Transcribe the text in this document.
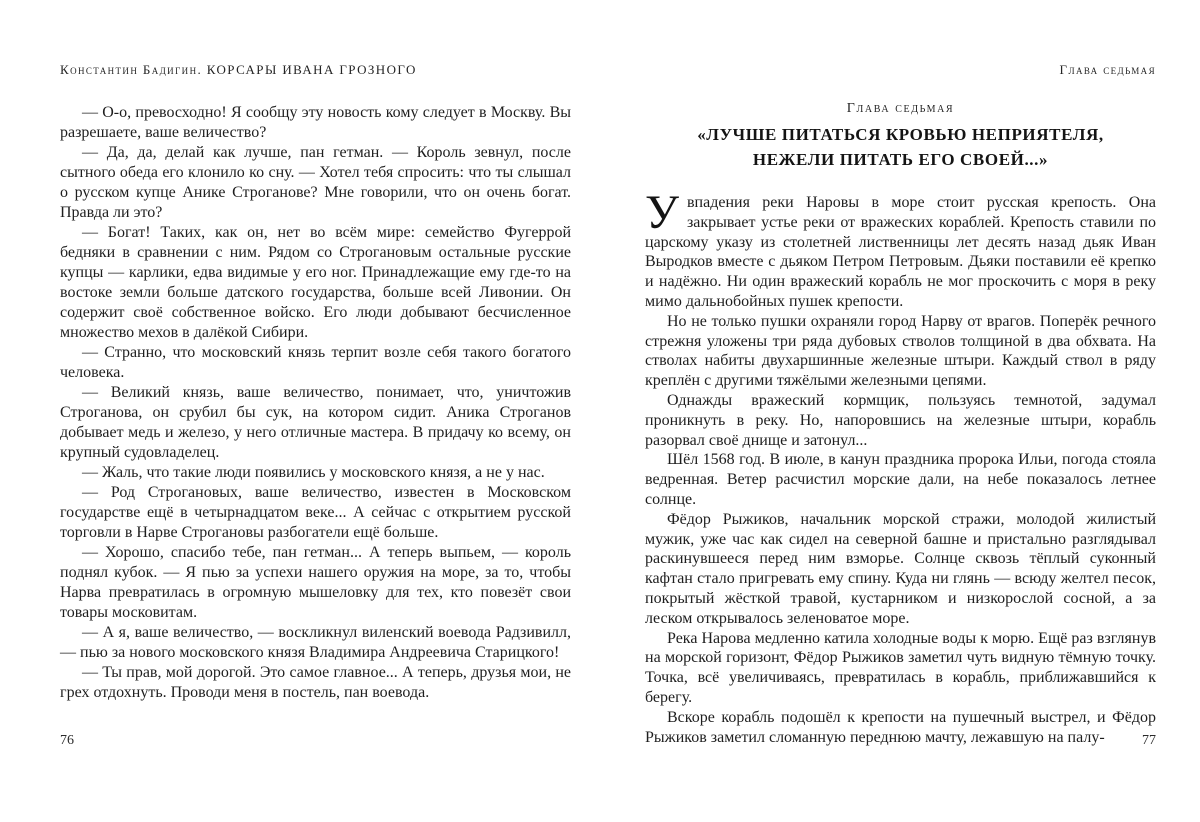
Константин Бадигин. КОРСАРЫ ИВАНА ГРОЗНОГО

— О-о, превосходно! Я сообщу эту новость кому следует в Москву. Вы разрешаете, ваше величество?

— Да, да, делай как лучше, пан гетман. — Король зевнул, после сытного обеда его клонило ко сну. — Хотел тебя спросить: что ты слышал о русском купце Анике Строганове? Мне говорили, что он очень богат. Правда ли это?

— Богат! Таких, как он, нет во всём мире: семейство Фугеррой бедняки в сравнении с ним. Рядом со Строгановым остальные русские купцы — карлики, едва видимые у его ног. Принадлежащие ему где-то на востоке земли больше датского государства, больше всей Ливонии. Он содержит своё собственное войско. Его люди добывают бесчисленное множество мехов в далёкой Сибири.

— Странно, что московский князь терпит возле себя такого богатого человека.

— Великий князь, ваше величество, понимает, что, уничтожив Строганова, он срубил бы сук, на котором сидит. Аника Строганов добывает медь и железо, у него отличные мастера. В придачу ко всему, он крупный судовладелец.

— Жаль, что такие люди появились у московского князя, а не у нас.

— Род Строгановых, ваше величество, известен в Московском государстве ещё в четырнадцатом веке... А сейчас с открытием русской торговли в Нарве Строгановы разбогатели ещё больше.

— Хорошо, спасибо тебе, пан гетман... А теперь выпьем, — король поднял кубок. — Я пью за успехи нашего оружия на море, за то, чтобы Нарва превратилась в огромную мышеловку для тех, кто повезёт свои товары московитам.

— А я, ваше величество, — воскликнул виленский воевода Радзивилл, — пью за нового московского князя Владимира Андреевича Старицкого!

— Ты прав, мой дорогой. Это самое главное... А теперь, друзья мои, не грех отдохнуть. Проводи меня в постель, пан воевода.

Глава седьмая
Глава седьмая
«ЛУЧШЕ ПИТАТЬСЯ КРОВЬЮ НЕПРИЯТЕЛЯ,
НЕЖЕЛИ ПИТАТЬ ЕГО СВОЕЙ...»

Увпадения реки Наровы в море стоит русская крепость. Она закрывает устье реки от вражеских кораблей. Крепость ставили по царскому указу из столетней лиственницы лет десять назад дьяк Иван Выродков вместе с дьяком Петром Петровым. Дьяки поставили её крепко и надёжно. Ни один вражеский корабль не мог проскочить с моря в реку мимо дальнобойных пушек крепости.

Но не только пушки охраняли город Нарву от врагов. Поперёк речного стрежня уложены три ряда дубовых стволов толщиной в два обхвата. На стволах набиты двухаршинные железные штыри. Каждый ствол в ряду креплён с другими тяжёлыми железными цепями.

Однажды вражеский кормщик, пользуясь темнотой, задумал проникнуть в реку. Но, напоровшись на железные штыри, корабль разорвал своё днище и затонул...

Шёл 1568 год. В июле, в канун праздника пророка Ильи, погода стояла ведренная. Ветер расчистил морские дали, на небе показалось летнее солнце.

Фёдор Рыжиков, начальник морской стражи, молодой жилистый мужик, уже час как сидел на северной башне и пристально разглядывал раскинувшееся перед ним взморье. Солнце сквозь тёплый суконный кафтан стало пригревать ему спину. Куда ни глянь — всюду желтел песок, покрытый жёсткой травой, кустарником и низкорослой сосной, а за леском открывалось зеленоватое море.

Река Нарова медленно катила холодные воды к морю. Ещё раз взглянув на морской горизонт, Фёдор Рыжиков заметил чуть видную тёмную точку. Точка, всё увеличиваясь, превратилась в корабль, приближавшийся к берегу.

Вскоре корабль подошёл к крепости на пушечный выстрел, и Фёдор Рыжиков заметил сломанную переднюю мачту, лежавшую на палу-

76	77
